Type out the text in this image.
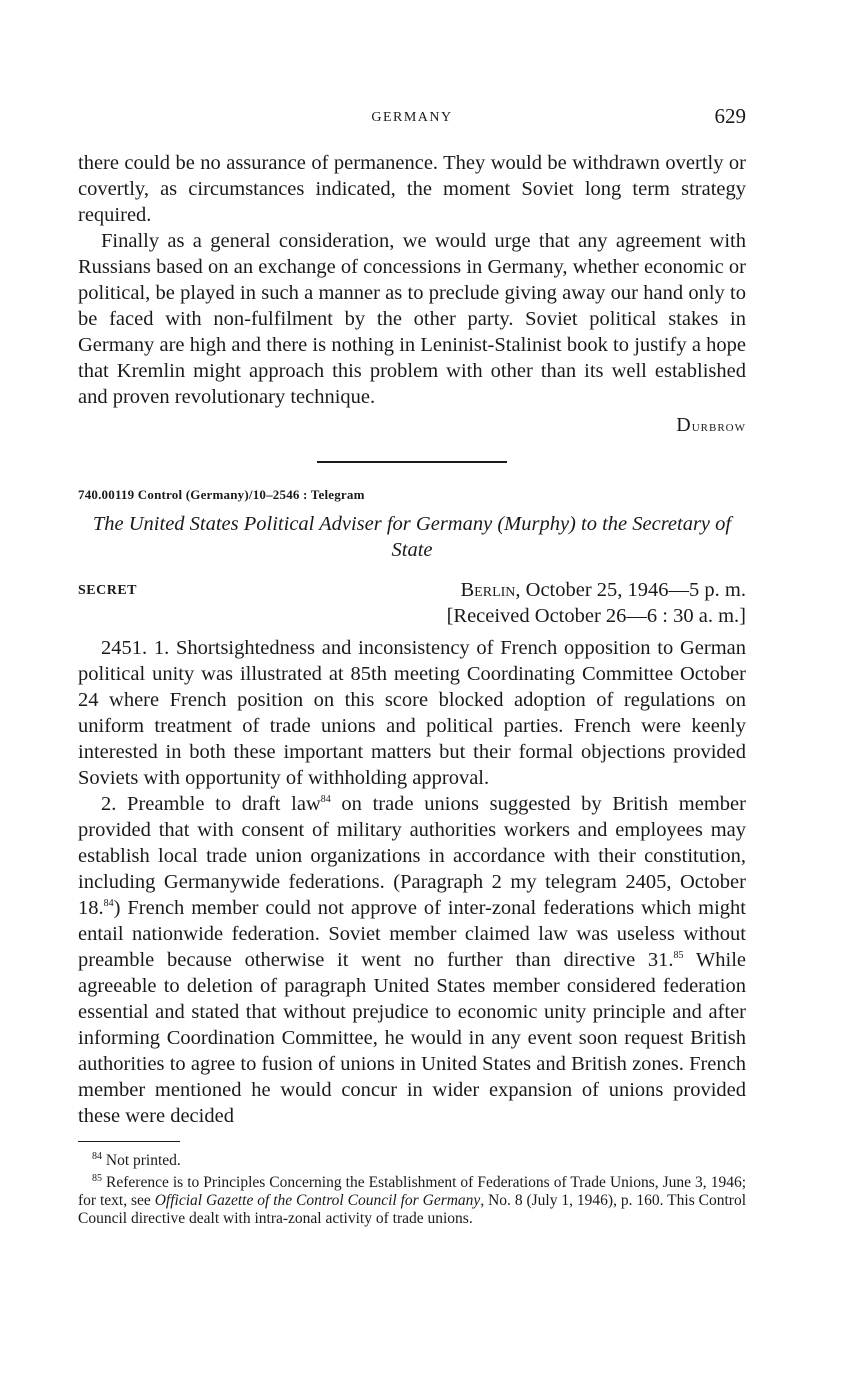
GERMANY	629

there could be no assurance of permanence. They would be withdrawn overtly or covertly, as circumstances indicated, the moment Soviet long term strategy required.

Finally as a general consideration, we would urge that any agreement with Russians based on an exchange of concessions in Germany, whether economic or political, be played in such a manner as to preclude giving away our hand only to be faced with non-fulfilment by the other party. Soviet political stakes in Germany are high and there is nothing in Leninist-Stalinist book to justify a hope that Kremlin might approach this problem with other than its well established and proven revolutionary technique.

Durbrow
740.00119 Control (Germany)/10–2546 : Telegram

The United States Political Adviser for Germany (Murphy) to the Secretary of State

SECRET	Berlin, October 25, 1946—5 p. m.
[Received October 26—6 : 30 a. m.]

2451. 1. Shortsightedness and inconsistency of French opposition to German political unity was illustrated at 85th meeting Coordinating Committee October 24 where French position on this score blocked adoption of regulations on uniform treatment of trade unions and political parties. French were keenly interested in both these important matters but their formal objections provided Soviets with opportunity of withholding approval.

2. Preamble to draft law$^{84}$ on trade unions suggested by British member provided that with consent of military authorities workers and employees may establish local trade union organizations in accordance with their constitution, including Germanywide federations. (Paragraph 2 my telegram 2405, October 18.84) French member could not approve of inter-zonal federations which might entail nationwide federation. Soviet member claimed law was useless without preamble because otherwise it went no further than directive 31.85 While agreeable to deletion of paragraph United States member considered federation essential and stated that without prejudice to economic unity principle and after informing Coordination Committee, he would in any event soon request British authorities to agree to fusion of unions in United States and British zones. French member mentioned he would concur in wider expansion of unions provided these were decided

$^{84}$ Not printed.

$^{85}$ Reference is to Principles Concerning the Establishment of Federations of Trade Unions, June 3, 1946; for text, see Official Gazette of the Control Council for Germany, No. 8 (July 1, 1946), p. 160. This Control Council directive dealt with intra-zonal activity of trade unions.
